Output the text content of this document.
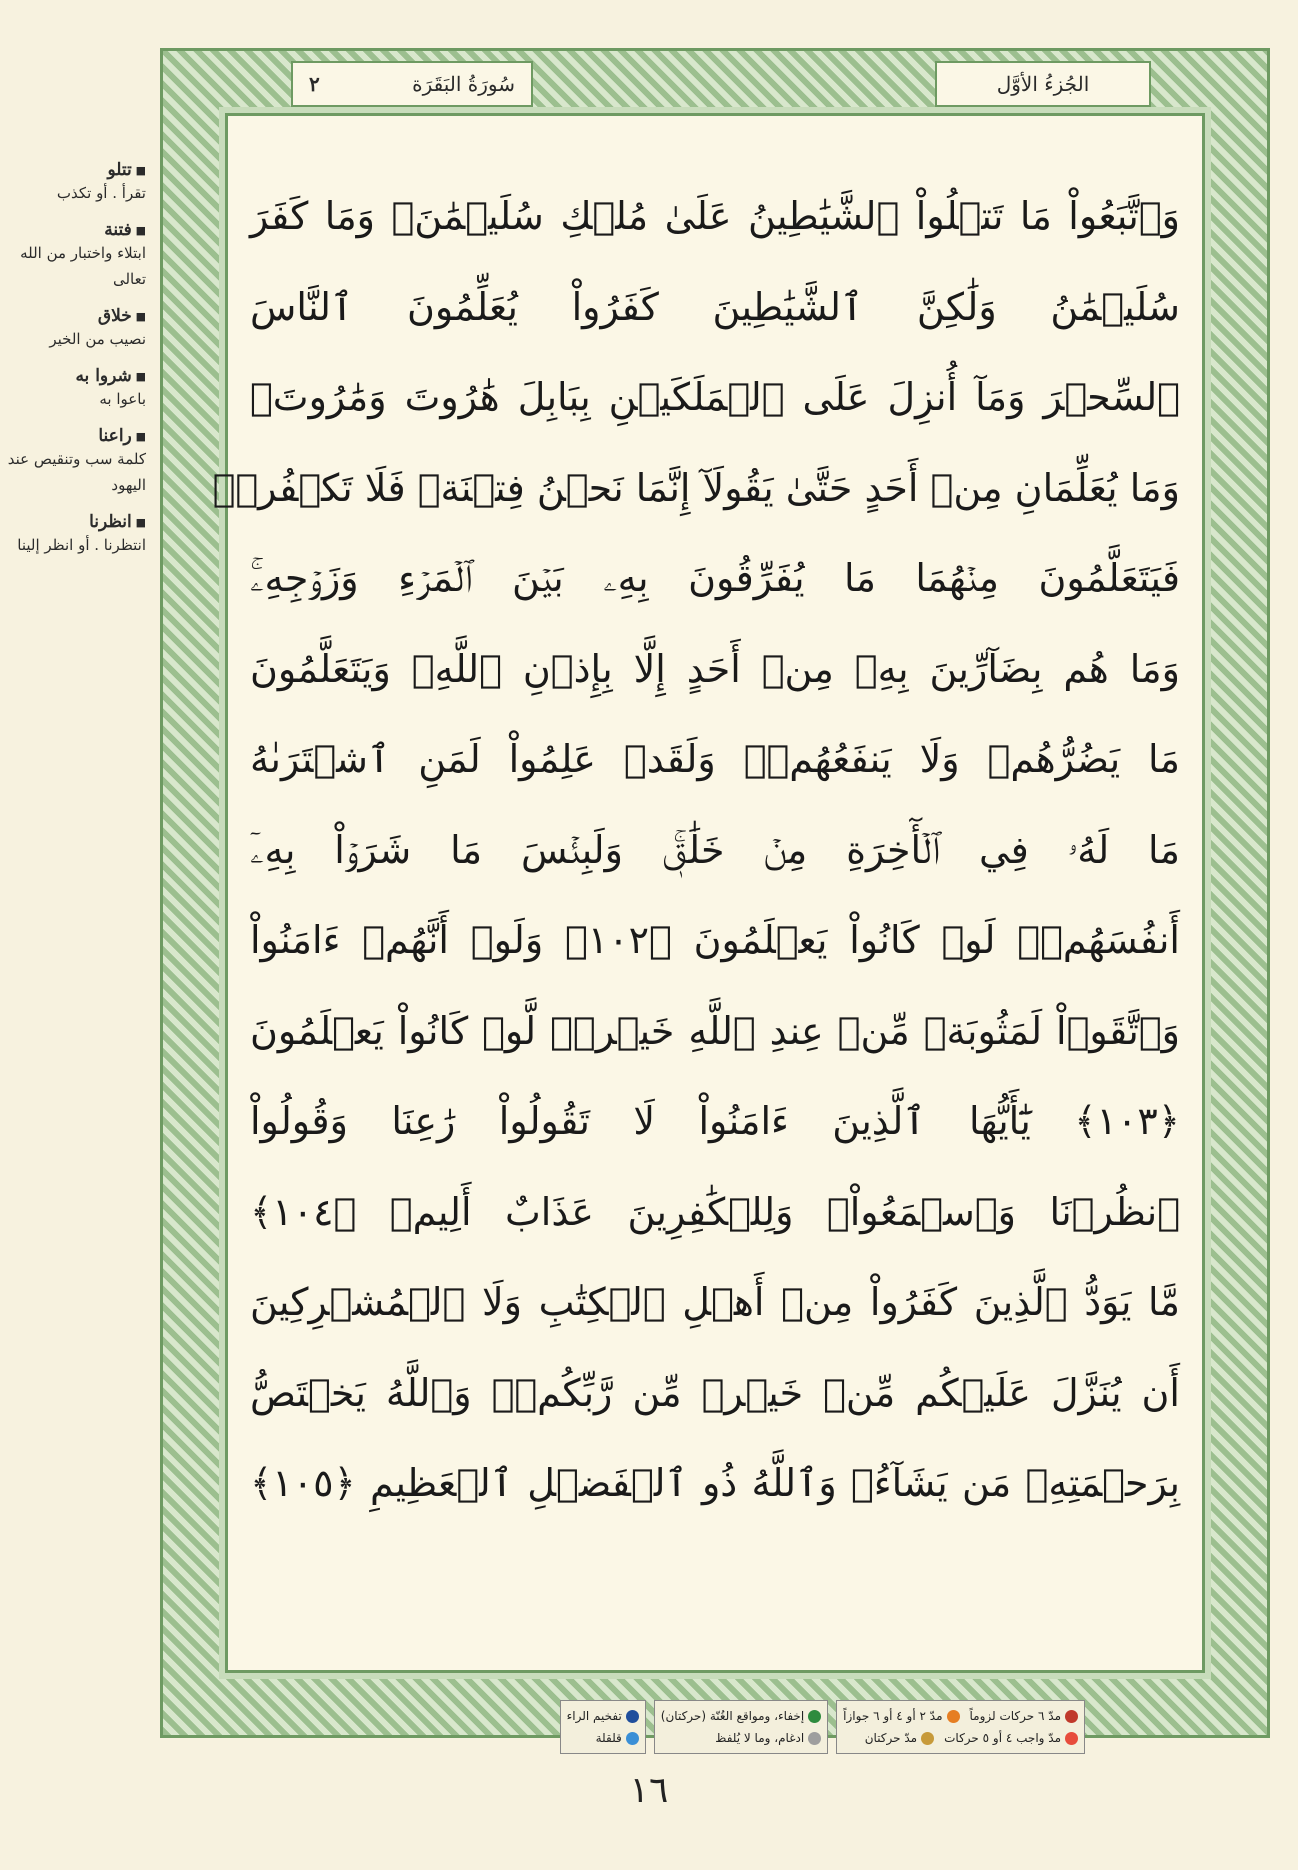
■ تتلو
تقرأ . أو تكذب
■ فتنة
ابتلاء واختبار من الله تعالى
■ خلاق
نصيب من الخير
■ شروا به
باعوا به
■ راعنا
كلمة سب وتنقيص عند اليهود
■ انظرنا
انتظرنا . أو انظر إلينا
٢	سُورَةُ البَقَرَة	الجُزءُ الأوَّل
وَٱتَّبَعُواْ مَا تَتۡلُواْ ٱلشَّيَٰطِينُ عَلَىٰ مُلۡكِ سُلَيۡمَٰنَۖ وَمَا كَفَرَ
سُلَيۡمَٰنُ وَلَٰكِنَّ ٱلشَّيَٰطِينَ كَفَرُواْ يُعَلِّمُونَ ٱلنَّاسَ
ٱلسِّحۡرَ وَمَآ أُنزِلَ عَلَى ٱلۡمَلَكَيۡنِ بِبَابِلَ هَٰرُوتَ وَمَٰرُوتَۚ
وَمَا يُعَلِّمَانِ مِنۡ أَحَدٍ حَتَّىٰ يَقُولَآ إِنَّمَا نَحۡنُ فِتۡنَةٞ فَلَا تَكۡفُرۡۖ
فَيَتَعَلَّمُونَ مِنۡهُمَا مَا يُفَرِّقُونَ بِهِۦ بَيۡنَ ٱلۡمَرۡءِ وَزَوۡجِهِۦۚ
وَمَا هُم بِضَآرِّينَ بِهِۦ مِنۡ أَحَدٍ إِلَّا بِإِذۡنِ ٱللَّهِۚ وَيَتَعَلَّمُونَ
مَا يَضُرُّهُمۡ وَلَا يَنفَعُهُمۡۚ وَلَقَدۡ عَلِمُواْ لَمَنِ ٱشۡتَرَىٰهُ
مَا لَهُۥ فِي ٱلۡأٓخِرَةِ مِنۡ خَلَٰقٖۚ وَلَبِئۡسَ مَا شَرَوۡاْ بِهِۦٓ
أَنفُسَهُمۡۚ لَوۡ كَانُواْ يَعۡلَمُونَ ﴿١٠٢﴾ وَلَوۡ أَنَّهُمۡ ءَامَنُواْ
وَٱتَّقَوۡاْ لَمَثُوبَةٞ مِّنۡ عِندِ ٱللَّهِ خَيۡرٞۖ لَّوۡ كَانُواْ يَعۡلَمُونَ
﴿١٠٣﴾ يَٰٓأَيُّهَا ٱلَّذِينَ ءَامَنُواْ لَا تَقُولُواْ رَٰعِنَا وَقُولُواْ
ٱنظُرۡنَا وَٱسۡمَعُواْۗ وَلِلۡكَٰفِرِينَ عَذَابٌ أَلِيمٞ ﴿١٠٤﴾
مَّا يَوَدُّ ٱلَّذِينَ كَفَرُواْ مِنۡ أَهۡلِ ٱلۡكِتَٰبِ وَلَا ٱلۡمُشۡرِكِينَ
أَن يُنَزَّلَ عَلَيۡكُم مِّنۡ خَيۡرٖ مِّن رَّبِّكُمۡۗ وَٱللَّهُ يَخۡتَصُّ
بِرَحۡمَتِهِۦ مَن يَشَآءُۚ وَٱللَّهُ ذُو ٱلۡفَضۡلِ ٱلۡعَظِيمِ ﴿١٠٥﴾
مدّ ٦ حركات لزوماً
مدّ ٢ أو ٤ أو ٦ جوازاً
مدّ واجب ٤ أو ٥ حركات
مدّ حركتان
إخفاء، ومواقع الغُنّة (حركتان)
ادغام، وما لا يُلفظ
تفخيم الراء
قلقلة
١٦
